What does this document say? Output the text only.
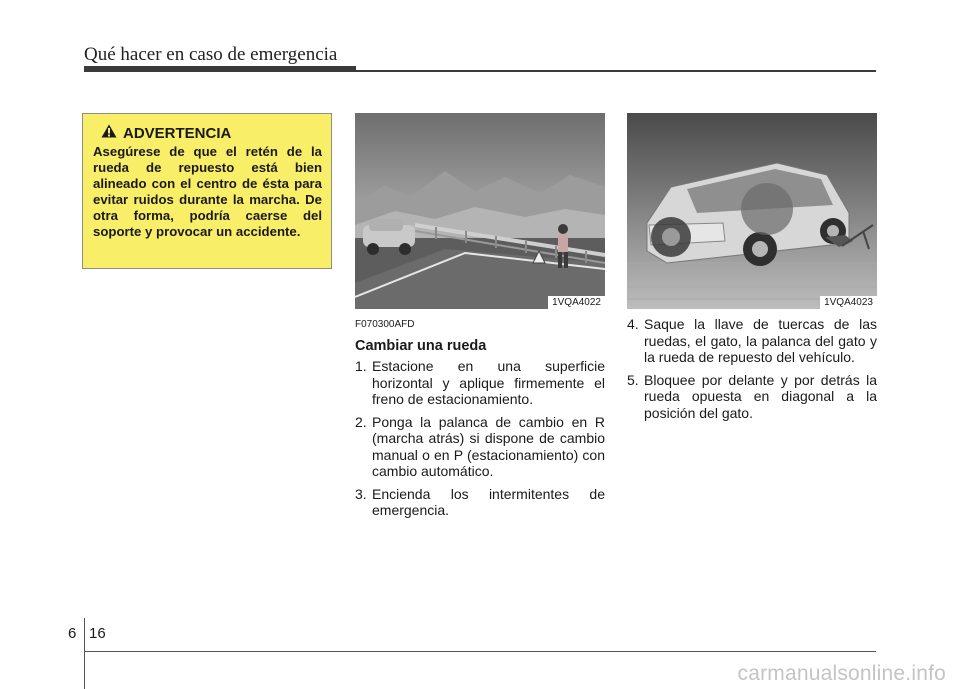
Qué hacer en caso de emergencia
ADVERTENCIA
Asegúrese de que el retén de la rueda de repuesto está bien alineado con el centro de ésta para evitar ruidos durante la marcha. De otra forma, podría caerse del soporte y provocar un accidente.
1VQA4022	1VQA4023
F070300AFD
Cambiar una rueda
1. Estacione en una superficie horizontal y aplique firmemente el freno de estacionamiento.
2. Ponga la palanca de cambio en R (marcha atrás) si dispone de cambio manual o en P (estacionamiento) con cambio automático.
3. Encienda los intermitentes de emergencia.
4. Saque la llave de tuercas de las ruedas, el gato, la palanca del gato y la rueda de repuesto del vehículo.
5. Bloquee por delante y por detrás la rueda opuesta en diagonal a la posición del gato.
6 16
carmanualsonline.info
